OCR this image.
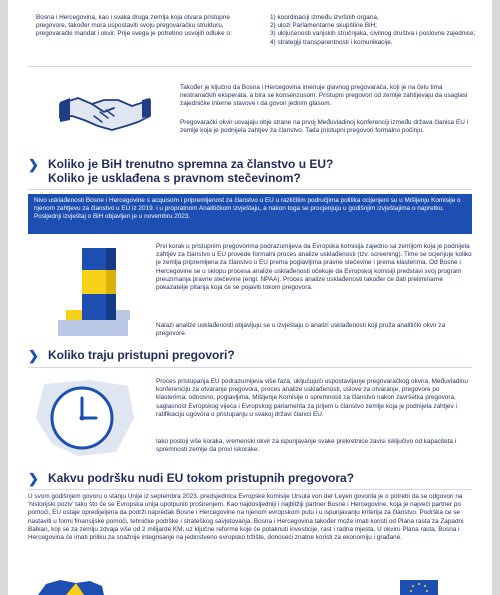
Bosna i Hercegovina, kao i svaka druga zemlja koja otvara pristupne pregovore, također mora uspostaviti svoju pregovaračku strukturu, pregovarački mandat i okvir. Prije svega je potrebno usvojiti odluke o:
1) koordinaciji između izvršnih organa,
2) ulozi Parlamentarne skupštine BiH;
3) uključenosti vanjskih stručnjaka, civilnog društva i poslovne zajednice;
4) strategiji transparentnosti i komunikacije.
Također je ključno da Bosna i Hercegovina imenuje glavnog pregovarača, koji je na čelu tima nestranačkih eksperata, a bira se konsenzusom. Pristupni pregovori od zemlje zahtijevaju da usaglasi zajedničke interne stavove i da govori jednim glasom.
Pregovarački okvir usvajaju obje strane na prvoj Međuvladinoj konferenciji između država članica EU i zemlje koja je podnijela zahtjev za članstvo. Tada pristupni pregovori formalno počinju.
❯ Koliko je BiH trenutno spremna za članstvo u EU?
Koliko je usklađena s pravnom stečevinom?
Nivo usklađenosti Bosne i Hercegovine s acquisom i pripremljenost za članstvo u EU u različitim područjima politika ocijenjeni su u Mišljenju Komisije o njenom zahtjevu za članstvo u EU iz 2019. i u propratnom Analitičkom izvještaju, a nakon toga se procjenjuju u godišnjim izvještajima o napretku. Posljednji izvještaj o BiH objavljen je u novembru 2023.
Prvi korak u pristupnim pregovorima podrazumijeva da Evropska komisija zajedno sa zemljom koja je podnijela zahtjev za članstvo u EU provede formalni proces analize usklađenosti (tzv. screening). Time se ocjenjuje koliko je zemlja pripremljena za članstvo u EU prema poglavljima pravne stečevine i prema klasterima. Od Bosne i Hercegovine se u sklopu procesa analize usklađenosti očekuje da Evropskoj komisiji predstavi svoj program preuzimanja pravne stečevine (engl. NPAA). Proces analize usklađenosti također će dati preliminarne pokazatelje pitanja koja će se pojaviti tokom pregovora.
Nalazi analize usklađenosti objavljuju se u izvještaju o analizi usklađenosti koji pruža analitički okvir za pregovore.
❯ Koliko traju pristupni pregovori?
Proces pristupanja EU podrazumijeva više faza, uključujući uspostavljanje pregovaračkog okvira, Međuvladinu konferenciju za otvaranje pregovora, proces analize usklađenosti, uslove za otvaranje, pregovore po klasterima, odnosno, poglavljima, Mišljenje Komisije o spremnosti za članstvo nakon završetka pregovora, saglasnost Evropskog vijeća i Evropskog parlamenta za prijem u članstvo zemlje koja je podnijela zahtjev i ratifikaciju ugovora o pristupanju u svakoj državi članici EU.
Iako postoji više koraka, vremenski okvir za ispunjavanje svake prekretnice zavisi isključivo od kapaciteta i spremnosti zemlje da provi iskorake.
❯ Kakvu podršku nudi EU tokom pristupnih pregovora?
U svom godišnjem govoru o stanju Unije iz septembra 2023. predsjednica Evropske komisije Ursula von der Leyen govorila je o potrebi da se odgovori na 'historijski poziv' tako što će se Evropska unija upotpuniti proširenjem. Kao najdosljedniji i najbližiji partner Bosne i Hercegovine, koja je najveći partner po pomoći, EU ostaje opredijeljena da podrži napredak Bosne i Hercegovine na njenom evropskom putu i u ispunjavanju kriterija za članstvo. Podrška će se nastaviti u formi finansijske pomoći, tehničke podrške i strateškog savjetovanja. Bosna i Hercegovina također može imati koristi od Plana rasta za Zapadni Balkan, koji se za zemlju zdvaja više od 2 milijarde KM, uz ključne reforme koje će potaknuti investicije, rast i radna mjesta. U okviru Plana rasta, Bosna i Hercegovina će imati priliku za snažnije integrisanje na jedinstveno evropsko tržište, donoseći znatne koristi za ekonomiju i građane.
